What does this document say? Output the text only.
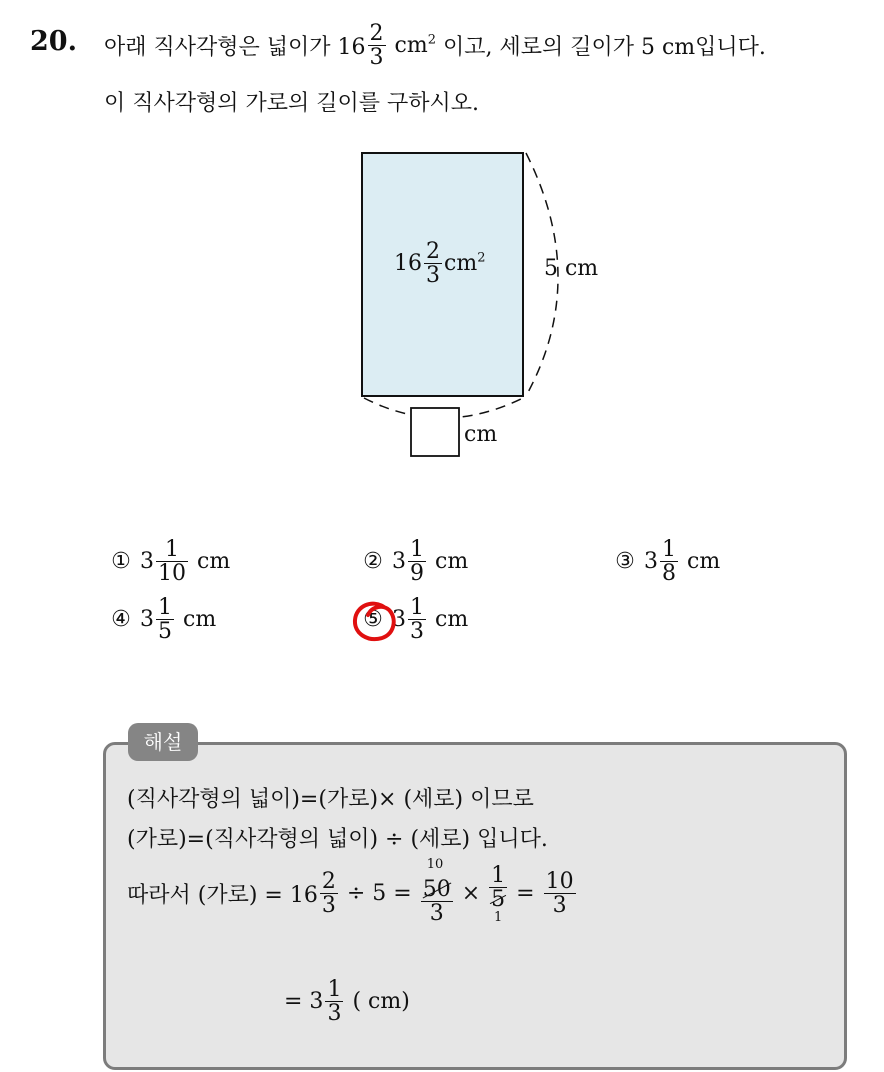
20. 아래 직사각형은 넓이가 $16 \frac{2}{3} cm^2$ 이고, 세로의 길이가 5 cm입니다.
이 직사각형의 가로의 길이를 구하시오.
$16 \frac{2}{3} cm^2$	5 cm
cm
① $3 \frac{1}{10}$ cm	② $3 \frac{1}{9}$ cm	③ $3 \frac{1}{8}$ cm
④ $3 \frac{1}{5}$ cm	⑤ $3 \frac{1}{3}$ cm
해설
(직사각형의 넓이)=(가로)× (세로) 이므로
(가로)=(직사각형의 넓이) ÷ (세로) 입니다.
따라서 (가로) = $16 \frac{2}{3} \div 5$ =
10
50
3
×
1
5
1
= $\frac{10}{3}$
= $3 \frac{1}{3}$ ( cm)
